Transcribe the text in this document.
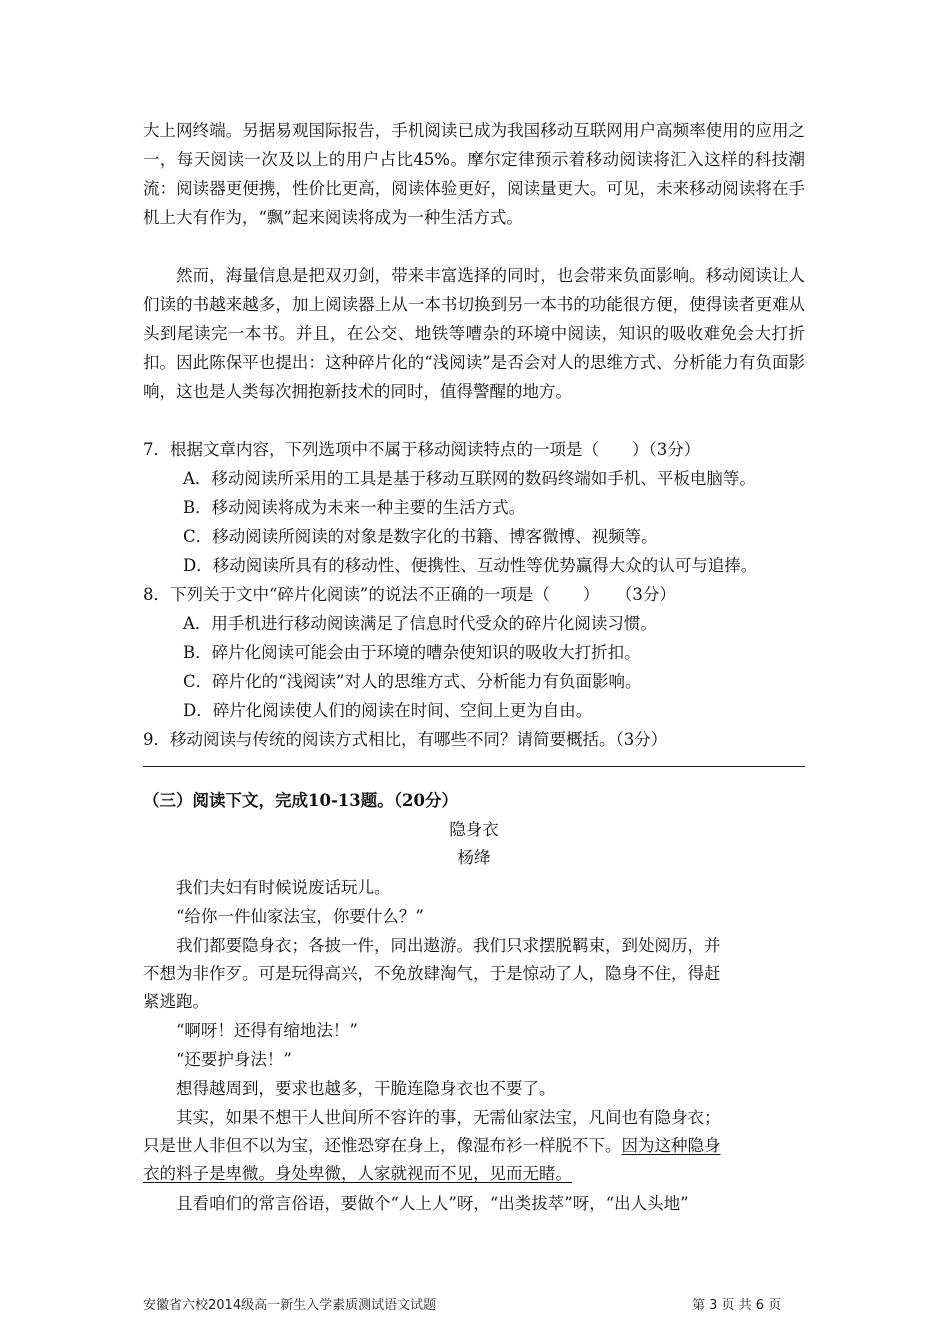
大上网终端。另据易观国际报告，手机阅读已成为我国移动互联网用户高频率使用的应用之一，每天阅读一次及以上的用户占比45%。摩尔定律预示着移动阅读将汇入这样的科技潮流：阅读器更便携，性价比更高，阅读体验更好，阅读量更大。可见，未来移动阅读将在手机上大有作为，“飘”起来阅读将成为一种生活方式。
然而，海量信息是把双刃剑，带来丰富选择的同时，也会带来负面影响。移动阅读让人们读的书越来越多，加上阅读器上从一本书切换到另一本书的功能很方便，使得读者更难从头到尾读完一本书。并且，在公交、地铁等嘈杂的环境中阅读，知识的吸收难免会大打折扣。因此陈保平也提出：这种碎片化的“浅阅读”是否会对人的思维方式、分析能力有负面影响，这也是人类每次拥抱新技术的同时，值得警醒的地方。
7．根据文章内容，下列选项中不属于移动阅读特点的一项是（　　）（3分）
A．移动阅读所采用的工具是基于移动互联网的数码终端如手机、平板电脑等。
B．移动阅读将成为未来一种主要的生活方式。
C．移动阅读所阅读的对象是数字化的书籍、博客微博、视频等。
D．移动阅读所具有的移动性、便携性、互动性等优势赢得大众的认可与追捧。
8．下列关于文中“碎片化阅读”的说法不正确的一项是（　　）　　（3分）
A．用手机进行移动阅读满足了信息时代受众的碎片化阅读习惯。
B．碎片化阅读可能会由于环境的嘈杂使知识的吸收大打折扣。
C．碎片化的“浅阅读”对人的思维方式、分析能力有负面影响。
D．碎片化阅读使人们的阅读在时间、空间上更为自由。
9．移动阅读与传统的阅读方式相比，有哪些不同？请简要概括。（3分）
（三）阅读下文，完成10-13题。（20分）
隐身衣
杨绛
我们夫妇有时候说废话玩儿。
“给你一件仙家法宝，你要什么？”
我们都要隐身衣；各披一件，同出遨游。我们只求摆脱羁束，到处阅历，并
不想为非作歹。可是玩得高兴，不免放肆淘气，于是惊动了人，隐身不住，得赶
紧逃跑。
“啊呀！还得有缩地法！”
“还要护身法！”
想得越周到，要求也越多，干脆连隐身衣也不要了。
其实，如果不想干人世间所不容许的事，无需仙家法宝，凡间也有隐身衣；
只是世人非但不以为宝，还惟恐穿在身上，像湿布衫一样脱不下。因为这种隐身
衣的料子是卑微。身处卑微，人家就视而不见，见而无睹。
且看咱们的常言俗语，要做个“人上人”呀，“出类拔萃”呀，“出人头地”
安徽省六校2014级高一新生入学素质测试语文试题	第 3 页 共 6 页
